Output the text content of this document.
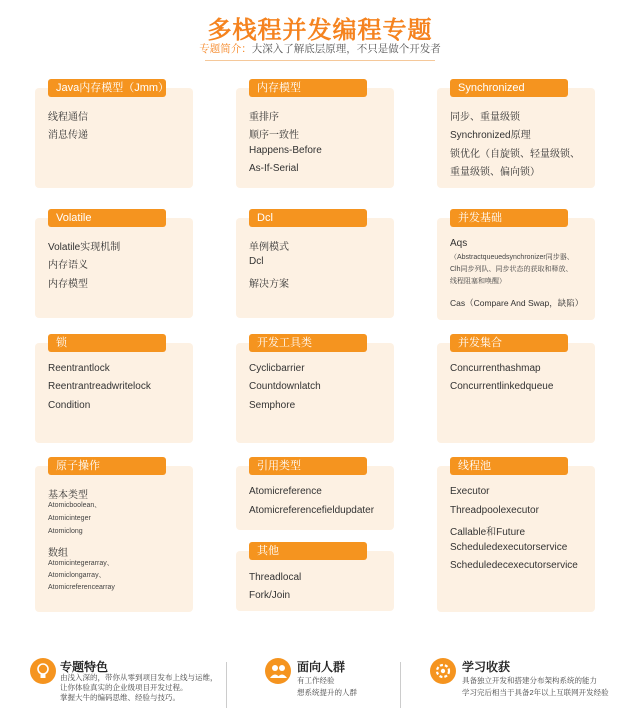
多栈程并发编程专题
专题简介：大深入了解底层原理，不只是做个开发者
Java内存模型（Jmm）
线程通信
消息传递
内存模型
重排序
顺序一致性
Happens-Before
As-If-Serial
Synchronized
同步、重量级锁
Synchronized原理
锁优化（自旋锁、轻量级锁、
重量级锁、偏向锁）
Volatile
Volatile实现机制
内存语义
内存模型
Dcl
单例模式
Dcl
解决方案
并发基础
Aqs
（Abstractqueuedsynchronizer同步器、
Clh同步列队、同步状态的获取和释放、
线程阻塞和唤醒）
Cas（Compare And Swap，缺陷）
锁
Reentrantlock
Reentrantreadwritelock
Condition
开发工具类
Cyclicbarrier
Countdownlatch
Semphore
并发集合
Concurrenthashmap
Concurrentlinkedqueue
原子操作
基本类型
Atomicboolean、
Atomicinteger
Atomiclong
数组
Atomicintegerarray、
Atomiclongarray、
Atomicreferencearray
引用类型
Atomicreference
Atomicreferencefieldupdater
其他
Threadlocal
Fork/Join
线程池
Executor
Threadpoolexecutor
Callable和Future
Scheduledexecutorservice
Scheduledecexecutorservice
专题特色
由浅入深的，带你从零到项目发布上线与运维，
让你体验真实的企业级项目开发过程。
掌握大牛的编码思维、经验与技巧。
面向人群
有工作经验
想系统提升的人群
学习收获
具备独立开发和搭建分布架构系统的能力
学习完后相当于具备2年以上互联网开发经验
